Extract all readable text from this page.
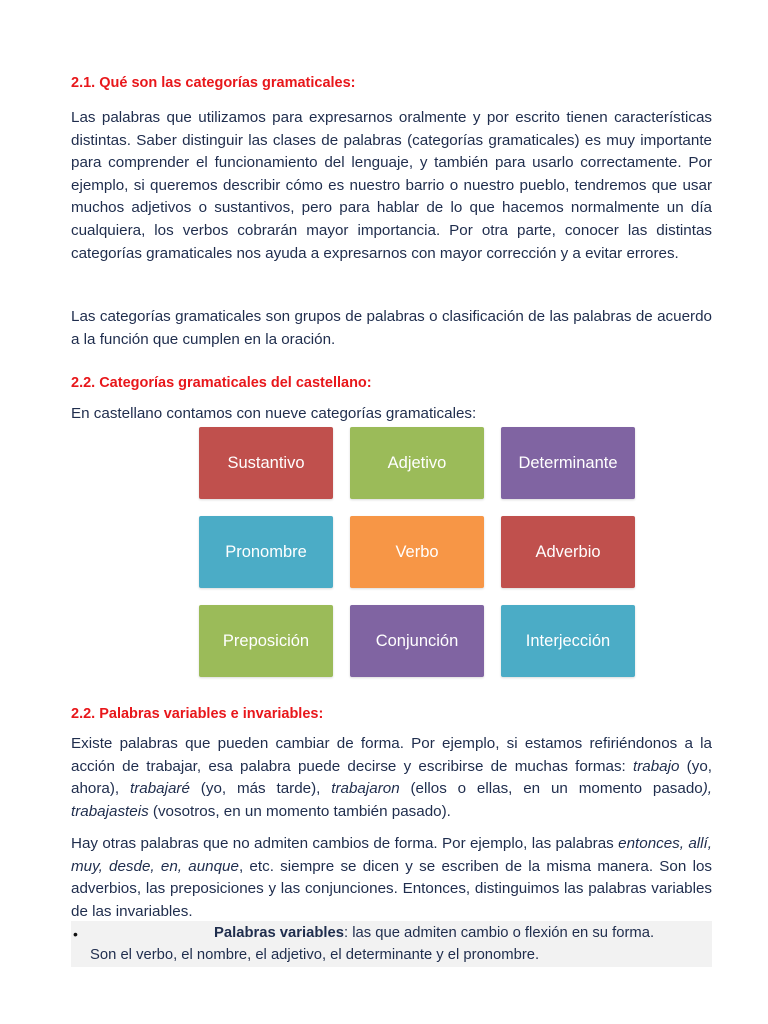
2.1. Qué son las categorías gramaticales:

Las palabras que utilizamos para expresarnos oralmente y por escrito tienen características distintas. Saber distinguir las clases de palabras (categorías gramaticales) es muy importante para comprender el funcionamiento del lenguaje, y también para usarlo correctamente. Por ejemplo, si queremos describir cómo es nuestro barrio o nuestro pueblo, tendremos que usar muchos adjetivos o sustantivos, pero para hablar de lo que hacemos normalmente un día cualquiera, los verbos cobrarán mayor importancia. Por otra parte, conocer las distintas categorías gramaticales nos ayuda a expresarnos con mayor corrección y a evitar errores.

Las categorías gramaticales son grupos de palabras o clasificación de las palabras de acuerdo a la función que cumplen en la oración.

2.2. Categorías gramaticales del castellano:

En castellano contamos con nueve categorías gramaticales:

Sustantivo	Adjetivo	Determinante
Pronombre	Verbo	Adverbio
Preposición	Conjunción	Interjección
2.2. Palabras variables e invariables:

Existe palabras que pueden cambiar de forma. Por ejemplo, si estamos refiriéndonos a la acción de trabajar, esa palabra puede decirse y escribirse de muchas formas: trabajo (yo, ahora), trabajaré (yo, más tarde), trabajaron (ellos o ellas, en un momento pasado), trabajasteis (vosotros, en un momento también pasado).

Hay otras palabras que no admiten cambios de forma. Por ejemplo, las palabras entonces, allí, muy, desde, en, aunque, etc. siempre se dicen y se escriben de la misma manera. Son los adverbios, las preposiciones y las conjunciones. Entonces, distinguimos las palabras variables de las invariables.

•	Palabras variables: las que admiten cambio o flexión en su forma.
Son el verbo, el nombre, el adjetivo, el determinante y el pronombre.
